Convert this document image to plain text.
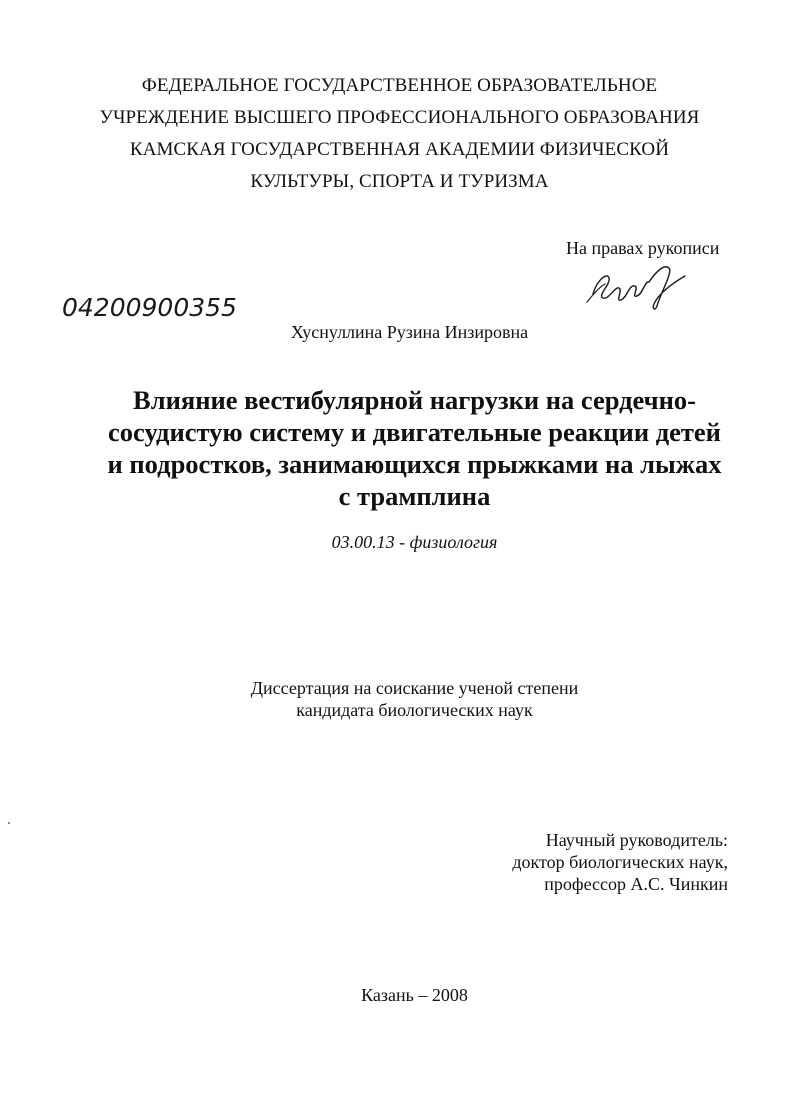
ФЕДЕРАЛЬНОЕ ГОСУДАРСТВЕННОЕ ОБРАЗОВАТЕЛЬНОЕ
УЧРЕЖДЕНИЕ ВЫСШЕГО ПРОФЕССИОНАЛЬНОГО ОБРАЗОВАНИЯ
КАМСКАЯ ГОСУДАРСТВЕННАЯ АКАДЕМИИ ФИЗИЧЕСКОЙ
КУЛЬТУРЫ, СПОРТА И ТУРИЗМА
На правах рукописи
04200900355
Хуснуллина Рузина Инзировна
Влияние вестибулярной нагрузки на сердечно-
сосудистую систему и двигательные реакции детей
и подростков, занимающихся прыжками на лыжах
с трамплина
03.00.13 - физиология
Диссертация на соискание ученой степени
кандидата биологических наук
Научный руководитель:
доктор биологических наук,
профессор А.С. Чинкин
Казань – 2008
